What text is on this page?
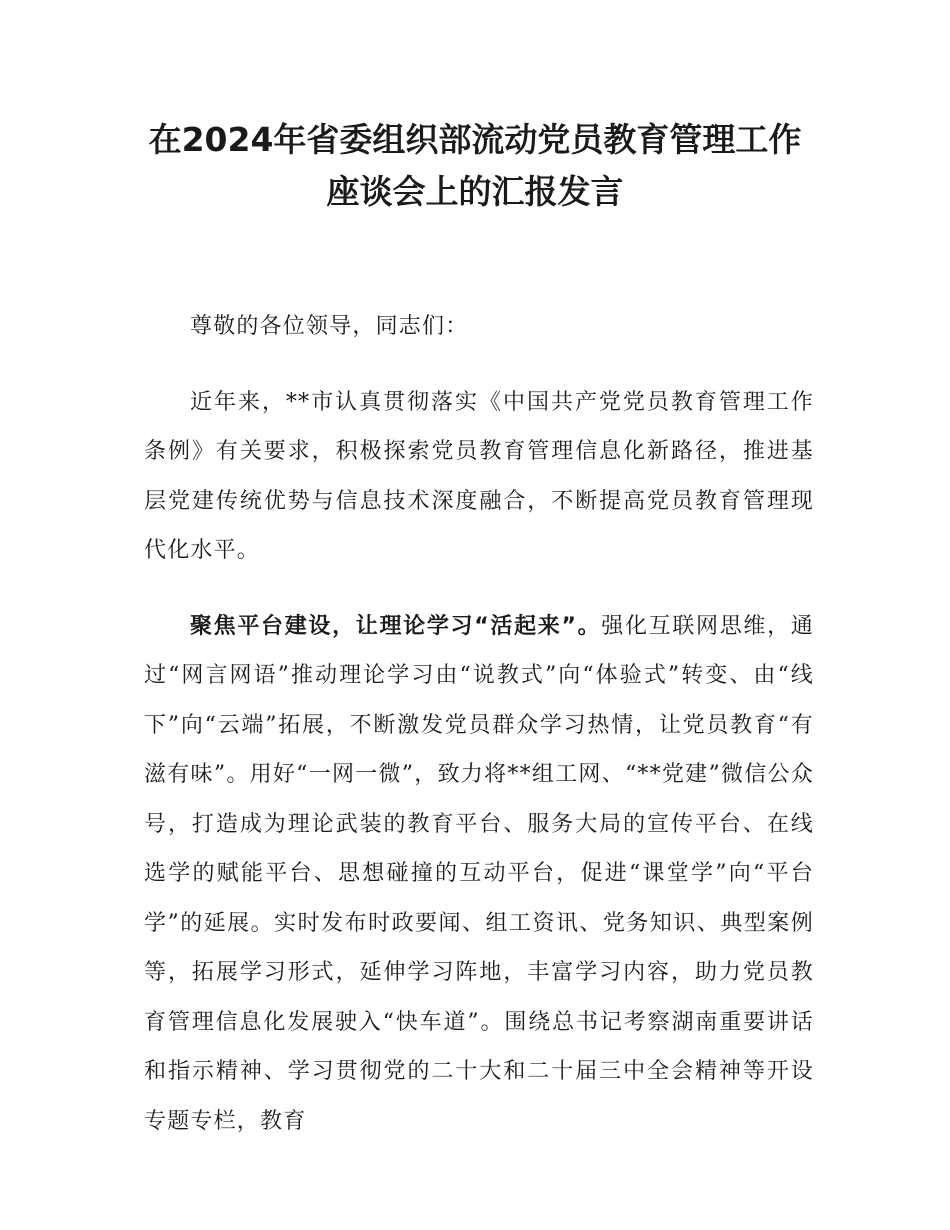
在2024年省委组织部流动党员教育管理工作
座谈会上的汇报发言

尊敬的各位领导，同志们：

近年来，**市认真贯彻落实《中国共产党党员教育管理工作条例》有关要求，积极探索党员教育管理信息化新路径，推进基层党建传统优势与信息技术深度融合，不断提高党员教育管理现代化水平。

聚焦平台建设，让理论学习“活起来”。强化互联网思维，通过“网言网语”推动理论学习由“说教式”向“体验式”转变、由“线下”向“云端”拓展，不断激发党员群众学习热情，让党员教育“有滋有味”。用好“一网一微”，致力将**组工网、“**党建”微信公众号，打造成为理论武装的教育平台、服务大局的宣传平台、在线选学的赋能平台、思想碰撞的互动平台，促进“课堂学”向“平台学”的延展。实时发布时政要闻、组工资讯、党务知识、典型案例等，拓展学习形式，延伸学习阵地，丰富学习内容，助力党员教育管理信息化发展驶入“快车道”。围绕总书记考察湖南重要讲话和指示精神、学习贯彻党的二十大和二十届三中全会精神等开设专题专栏，教育
